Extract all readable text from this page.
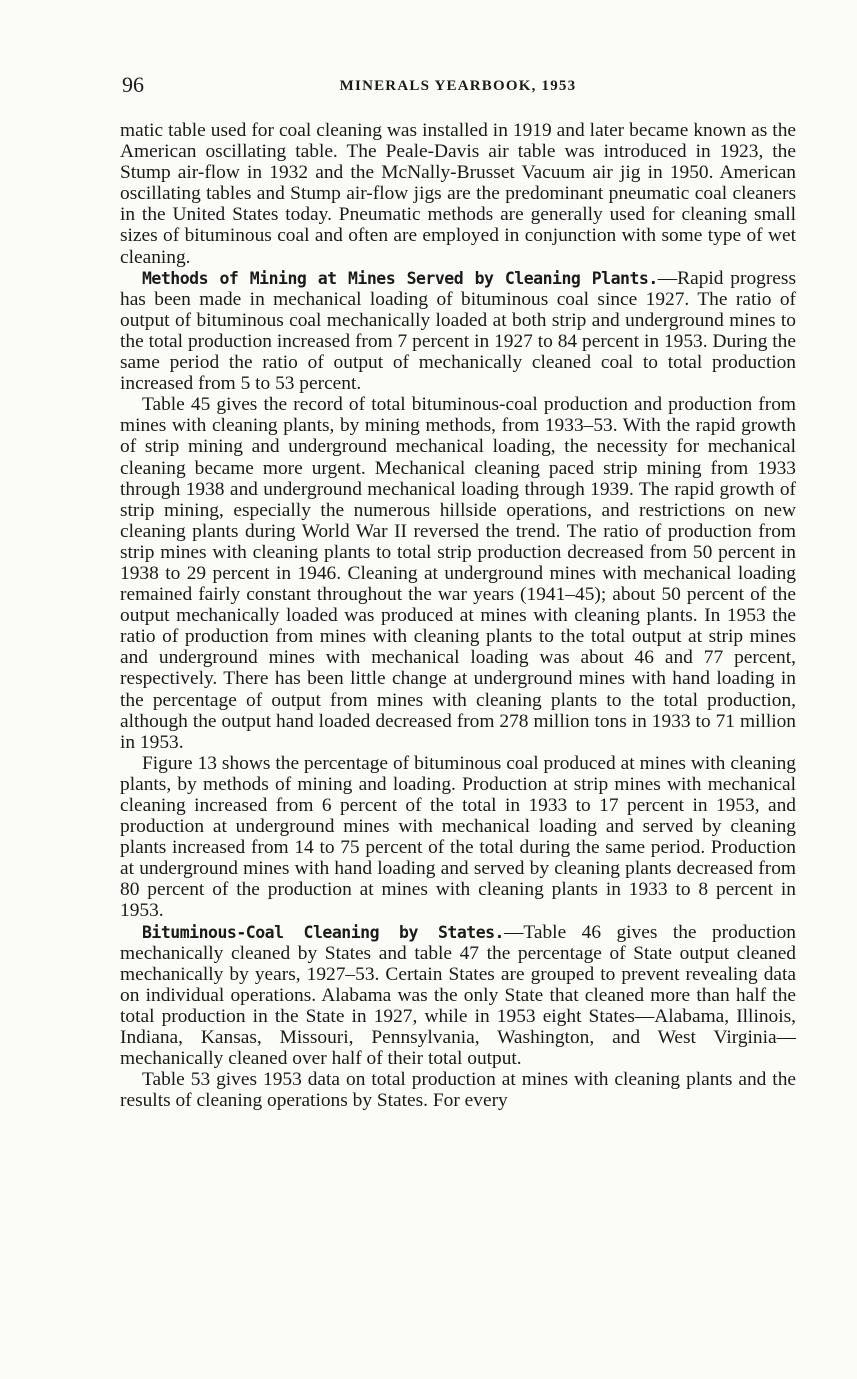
96	MINERALS YEARBOOK, 1953

matic table used for coal cleaning was installed in 1919 and later became known as the American oscillating table. The Peale-Davis air table was introduced in 1923, the Stump air-flow in 1932 and the McNally-Brusset Vacuum air jig in 1950. American oscillating tables and Stump air-flow jigs are the predominant pneumatic coal cleaners in the United States today. Pneumatic methods are generally used for cleaning small sizes of bituminous coal and often are employed in conjunction with some type of wet cleaning.

Methods of Mining at Mines Served by Cleaning Plants.—Rapid progress has been made in mechanical loading of bituminous coal since 1927. The ratio of output of bituminous coal mechanically loaded at both strip and underground mines to the total production increased from 7 percent in 1927 to 84 percent in 1953. During the same period the ratio of output of mechanically cleaned coal to total production increased from 5 to 53 percent.

Table 45 gives the record of total bituminous-coal production and production from mines with cleaning plants, by mining methods, from 1933–53. With the rapid growth of strip mining and underground mechanical loading, the necessity for mechanical cleaning became more urgent. Mechanical cleaning paced strip mining from 1933 through 1938 and underground mechanical loading through 1939. The rapid growth of strip mining, especially the numerous hillside operations, and restrictions on new cleaning plants during World War II reversed the trend. The ratio of production from strip mines with cleaning plants to total strip production decreased from 50 percent in 1938 to 29 percent in 1946. Cleaning at underground mines with mechanical loading remained fairly constant throughout the war years (1941–45); about 50 percent of the output mechanically loaded was produced at mines with cleaning plants. In 1953 the ratio of production from mines with cleaning plants to the total output at strip mines and underground mines with mechanical loading was about 46 and 77 percent, respectively. There has been little change at underground mines with hand loading in the percentage of output from mines with cleaning plants to the total production, although the output hand loaded decreased from 278 million tons in 1933 to 71 million in 1953.

Figure 13 shows the percentage of bituminous coal produced at mines with cleaning plants, by methods of mining and loading. Production at strip mines with mechanical cleaning increased from 6 percent of the total in 1933 to 17 percent in 1953, and production at underground mines with mechanical loading and served by cleaning plants increased from 14 to 75 percent of the total during the same period. Production at underground mines with hand loading and served by cleaning plants decreased from 80 percent of the production at mines with cleaning plants in 1933 to 8 percent in 1953.

Bituminous-Coal Cleaning by States.—Table 46 gives the production mechanically cleaned by States and table 47 the percentage of State output cleaned mechanically by years, 1927–53. Certain States are grouped to prevent revealing data on individual operations. Alabama was the only State that cleaned more than half the total production in the State in 1927, while in 1953 eight States—Alabama, Illinois, Indiana, Kansas, Missouri, Pennsylvania, Washington, and West Virginia—mechanically cleaned over half of their total output.

Table 53 gives 1953 data on total production at mines with cleaning plants and the results of cleaning operations by States. For every
